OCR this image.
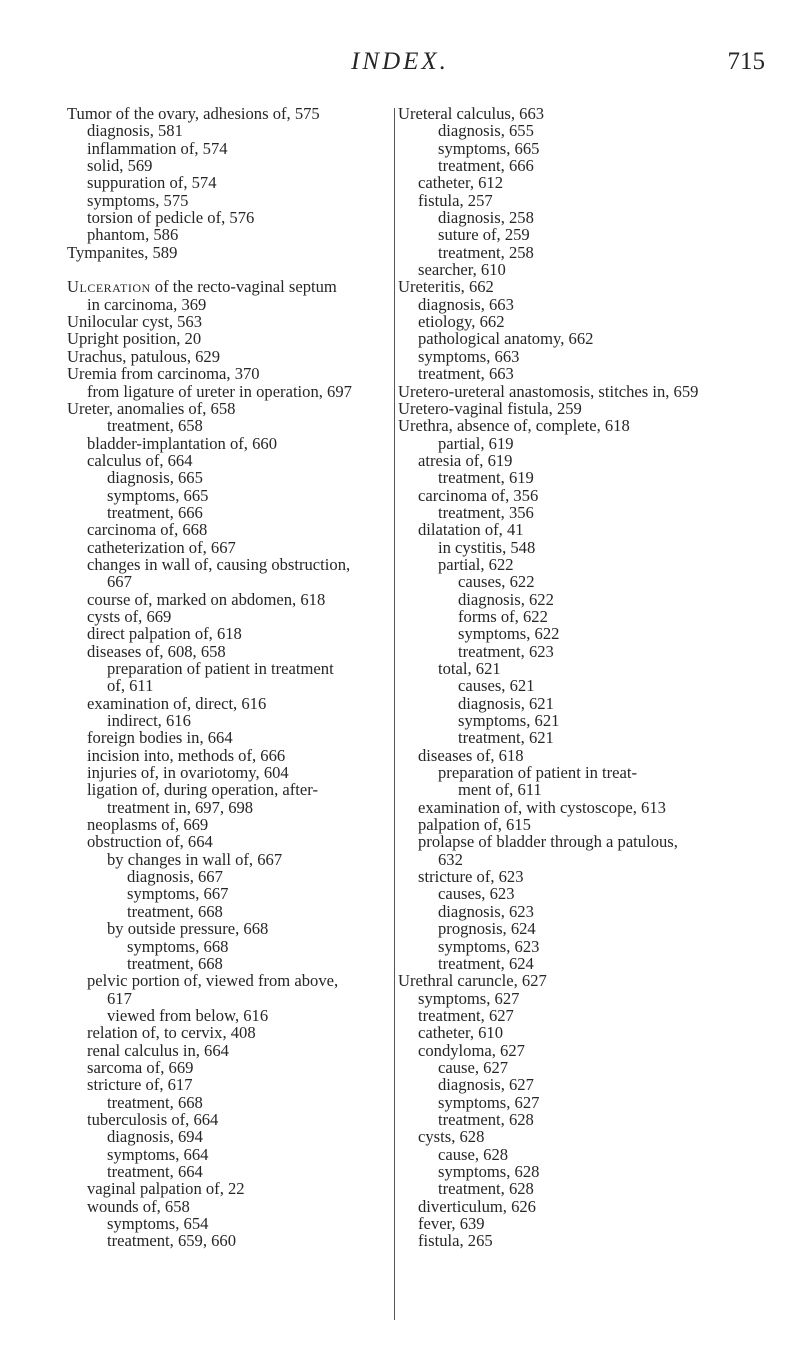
INDEX.	715
Tumor of the ovary, adhesions of, 575
diagnosis, 581
inflammation of, 574
solid, 569
suppuration of, 574
symptoms, 575
torsion of pedicle of, 576
phantom, 586
Tympanites, 589
Ulceration of the recto-vaginal septum
in carcinoma, 369
Unilocular cyst, 563
Upright position, 20
Urachus, patulous, 629
Uremia from carcinoma, 370
from ligature of ureter in operation, 697
Ureter, anomalies of, 658
treatment, 658
bladder-implantation of, 660
calculus of, 664
diagnosis, 665
symptoms, 665
treatment, 666
carcinoma of, 668
catheterization of, 667
changes in wall of, causing obstruction,
667
course of, marked on abdomen, 618
cysts of, 669
direct palpation of, 618
diseases of, 608, 658
preparation of patient in treatment
of, 611
examination of, direct, 616
indirect, 616
foreign bodies in, 664
incision into, methods of, 666
injuries of, in ovariotomy, 604
ligation of, during operation, after-
treatment in, 697, 698
neoplasms of, 669
obstruction of, 664
by changes in wall of, 667
diagnosis, 667
symptoms, 667
treatment, 668
by outside pressure, 668
symptoms, 668
treatment, 668
pelvic portion of, viewed from above,
617
viewed from below, 616
relation of, to cervix, 408
renal calculus in, 664
sarcoma of, 669
stricture of, 617
treatment, 668
tuberculosis of, 664
diagnosis, 694
symptoms, 664
treatment, 664
vaginal palpation of, 22
wounds of, 658
symptoms, 654
treatment, 659, 660
Ureteral calculus, 663
diagnosis, 655
symptoms, 665
treatment, 666
catheter, 612
fistula, 257
diagnosis, 258
suture of, 259
treatment, 258
searcher, 610
Ureteritis, 662
diagnosis, 663
etiology, 662
pathological anatomy, 662
symptoms, 663
treatment, 663
Uretero-ureteral anastomosis, stitches in, 659
Uretero-vaginal fistula, 259
Urethra, absence of, complete, 618
partial, 619
atresia of, 619
treatment, 619
carcinoma of, 356
treatment, 356
dilatation of, 41
in cystitis, 548
partial, 622
causes, 622
diagnosis, 622
forms of, 622
symptoms, 622
treatment, 623
total, 621
causes, 621
diagnosis, 621
symptoms, 621
treatment, 621
diseases of, 618
preparation of patient in treat-
ment of, 611
examination of, with cystoscope, 613
palpation of, 615
prolapse of bladder through a patulous,
632
stricture of, 623
causes, 623
diagnosis, 623
prognosis, 624
symptoms, 623
treatment, 624
Urethral caruncle, 627
symptoms, 627
treatment, 627
catheter, 610
condyloma, 627
cause, 627
diagnosis, 627
symptoms, 627
treatment, 628
cysts, 628
cause, 628
symptoms, 628
treatment, 628
diverticulum, 626
fever, 639
fistula, 265
